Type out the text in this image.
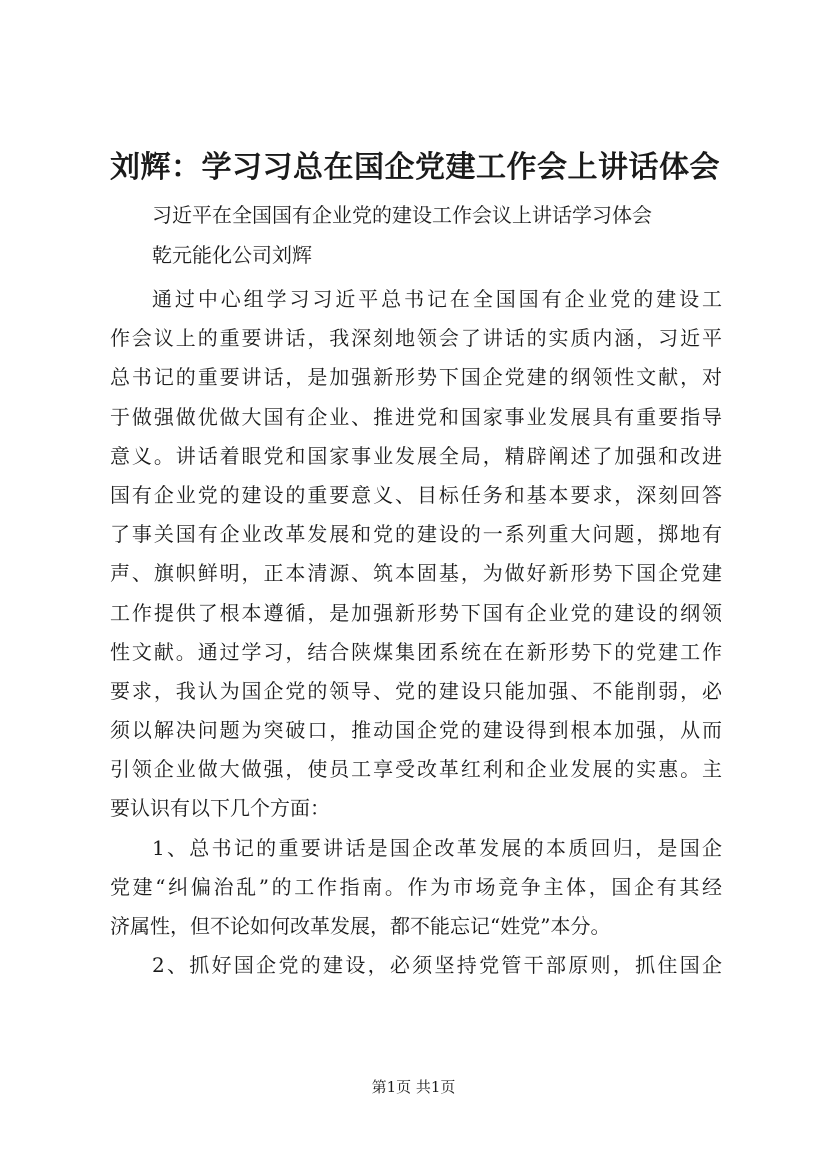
刘辉：学习习总在国企党建工作会上讲话体会
习近平在全国国有企业党的建设工作会议上讲话学习体会
乾元能化公司刘辉
通过中心组学习习近平总书记在全国国有企业党的建设工
作会议上的重要讲话，我深刻地领会了讲话的实质内涵，习近平
总书记的重要讲话，是加强新形势下国企党建的纲领性文献，对
于做强做优做大国有企业、推进党和国家事业发展具有重要指导
意义。讲话着眼党和国家事业发展全局，精辟阐述了加强和改进
国有企业党的建设的重要意义、目标任务和基本要求，深刻回答
了事关国有企业改革发展和党的建设的一系列重大问题，掷地有
声、旗帜鲜明，正本清源、筑本固基，为做好新形势下国企党建
工作提供了根本遵循，是加强新形势下国有企业党的建设的纲领
性文献。通过学习，结合陕煤集团系统在在新形势下的党建工作
要求，我认为国企党的领导、党的建设只能加强、不能削弱，必
须以解决问题为突破口，推动国企党的建设得到根本加强，从而
引领企业做大做强，使员工享受改革红利和企业发展的实惠。主
要认识有以下几个方面：
1、总书记的重要讲话是国企改革发展的本质回归，是国企
党建“纠偏治乱”的工作指南。作为市场竞争主体，国企有其经
济属性，但不论如何改革发展，都不能忘记“姓党”本分。
2、抓好国企党的建设，必须坚持党管干部原则，抓住国企
第1页 共1页
